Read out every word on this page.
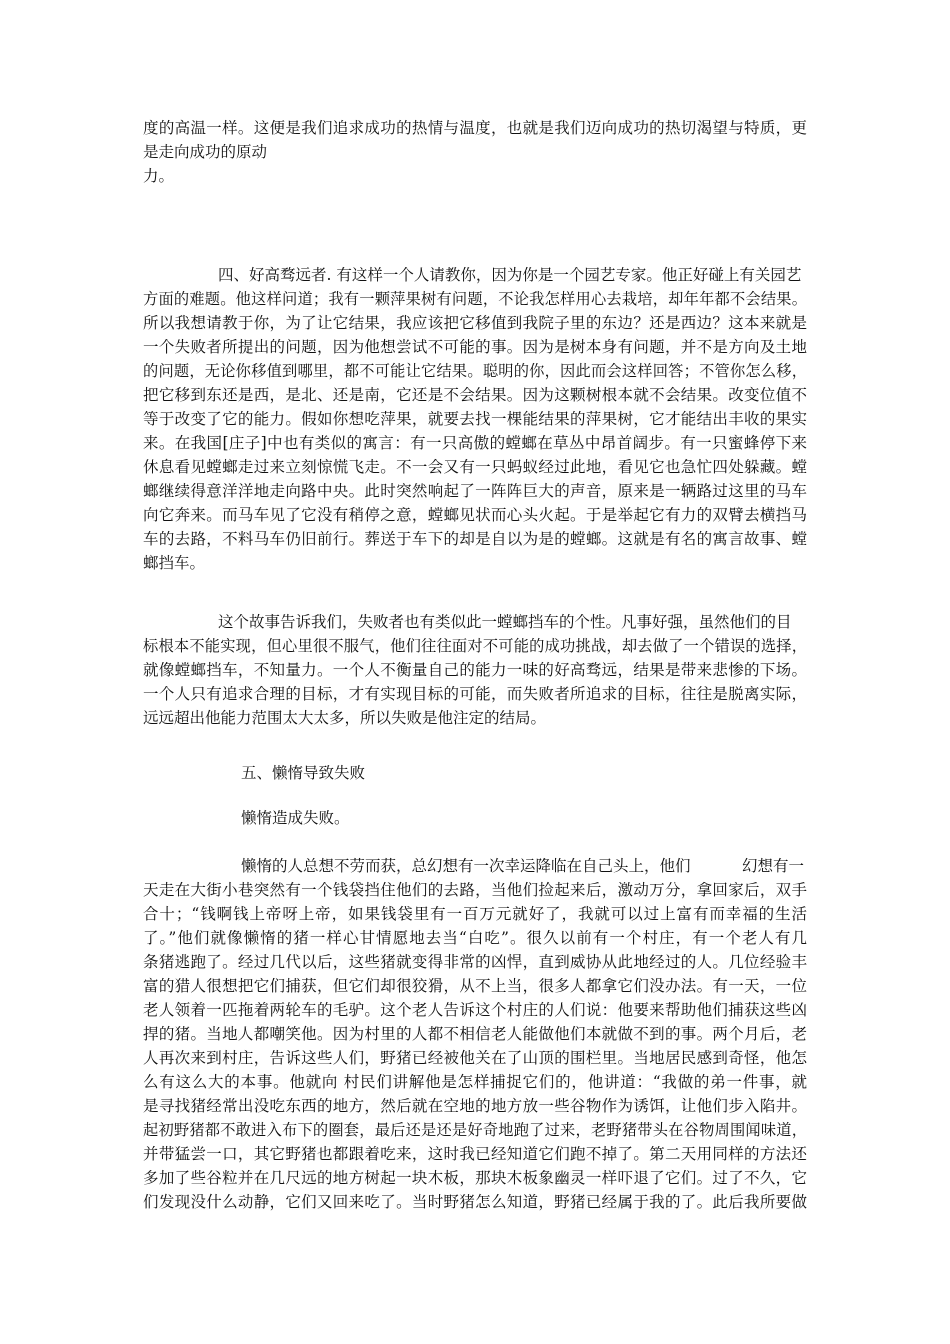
度的高温一样。这便是我们追求成功的热情与温度，也就是我们迈向成功的热切渴望与特质，更
是走向成功的原动
力。
四、好高骛远者. 有这样一个人请教你，因为你是一个园艺专家。他正好碰上有关园艺
方面的难题。他这样问道；我有一颗萍果树有问题，不论我怎样用心去栽培，却年年都不会结果。
所以我想请教于你，为了让它结果，我应该把它移值到我院子里的东边？还是西边？这本来就是
一个失败者所提出的问题，因为他想尝试不可能的事。因为是树本身有问题，并不是方向及土地
的问题，无论你移值到哪里，都不可能让它结果。聪明的你，因此而会这样回答；不管你怎么移，
把它移到东还是西，是北、还是南，它还是不会结果。因为这颗树根本就不会结果。改变位值不
等于改变了它的能力。假如你想吃萍果，就要去找一棵能结果的萍果树，它才能结出丰收的果实
来。在我国[庄子]中也有类似的寓言：有一只高傲的螳螂在草丛中昂首阔步。有一只蜜蜂停下来
休息看见螳螂走过来立刻惊慌飞走。不一会又有一只蚂蚁经过此地，看见它也急忙四处躲藏。螳
螂继续得意洋洋地走向路中央。此时突然响起了一阵阵巨大的声音，原来是一辆路过这里的马车
向它奔来。而马车见了它没有稍停之意，螳螂见状而心头火起。于是举起它有力的双臂去横挡马
车的去路，不料马车仍旧前行。葬送于车下的却是自以为是的螳螂。这就是有名的寓言故事、螳
螂挡车。
这个故事告诉我们，失败者也有类似此一螳螂挡车的个性。凡事好强，虽然他们的目
标根本不能实现，但心里很不服气，他们往往面对不可能的成功挑战，却去做了一个错误的选择，
就像螳螂挡车，不知量力。一个人不衡量自己的能力一味的好高骛远，结果是带来悲惨的下场。
一个人只有追求合理的目标，才有实现目标的可能，而失败者所追求的目标，往往是脱离实际，
远远超出他能力范围太大太多，所以失败是他注定的结局。
五、懒惰导致失败
懒惰造成失败。
懒惰的人总想不劳而获，总幻想有一次幸运降临在自己头上，他们	幻想有一
天走在大街小巷突然有一个钱袋挡住他们的去路，当他们捡起来后，激动万分，拿回家后，双手
合十；“钱啊钱上帝呀上帝，如果钱袋里有一百万元就好了，我就可以过上富有而幸福的生活
了。”他们就像懒惰的猪一样心甘情愿地去当“白吃”。很久以前有一个村庄，有一个老人有几
条猪逃跑了。经过几代以后，这些猪就变得非常的凶悍，直到威协从此地经过的人。几位经验丰
富的猎人很想把它们捕获，但它们却很狡猾，从不上当，很多人都拿它们没办法。有一天，一位
老人领着一匹拖着两轮车的毛驴。这个老人告诉这个村庄的人们说：他要来帮助他们捕获这些凶
捍的猪。当地人都嘲笑他。因为村里的人都不相信老人能做他们本就做不到的事。两个月后，老
人再次来到村庄，告诉这些人们，野猪已经被他关在了山顶的围栏里。当地居民感到奇怪，他怎
么有这么大的本事。他就向 村民们讲解他是怎样捕捉它们的，他讲道：“我做的弟一件事，就
是寻找猪经常出没吃东西的地方，然后就在空地的地方放一些谷物作为诱饵，让他们步入陷井。
起初野猪都不敢进入布下的圈套，最后还是还是好奇地跑了过来，老野猪带头在谷物周围闻味道，
并带猛尝一口，其它野猪也都跟着吃来，这时我已经知道它们跑不掉了。第二天用同样的方法还
多加了些谷粒并在几尺远的地方树起一块木板，那块木板象幽灵一样吓退了它们。过了不久，它
们发现没什么动静，它们又回来吃了。当时野猪怎么知道，野猪已经属于我的了。此后我所要做
